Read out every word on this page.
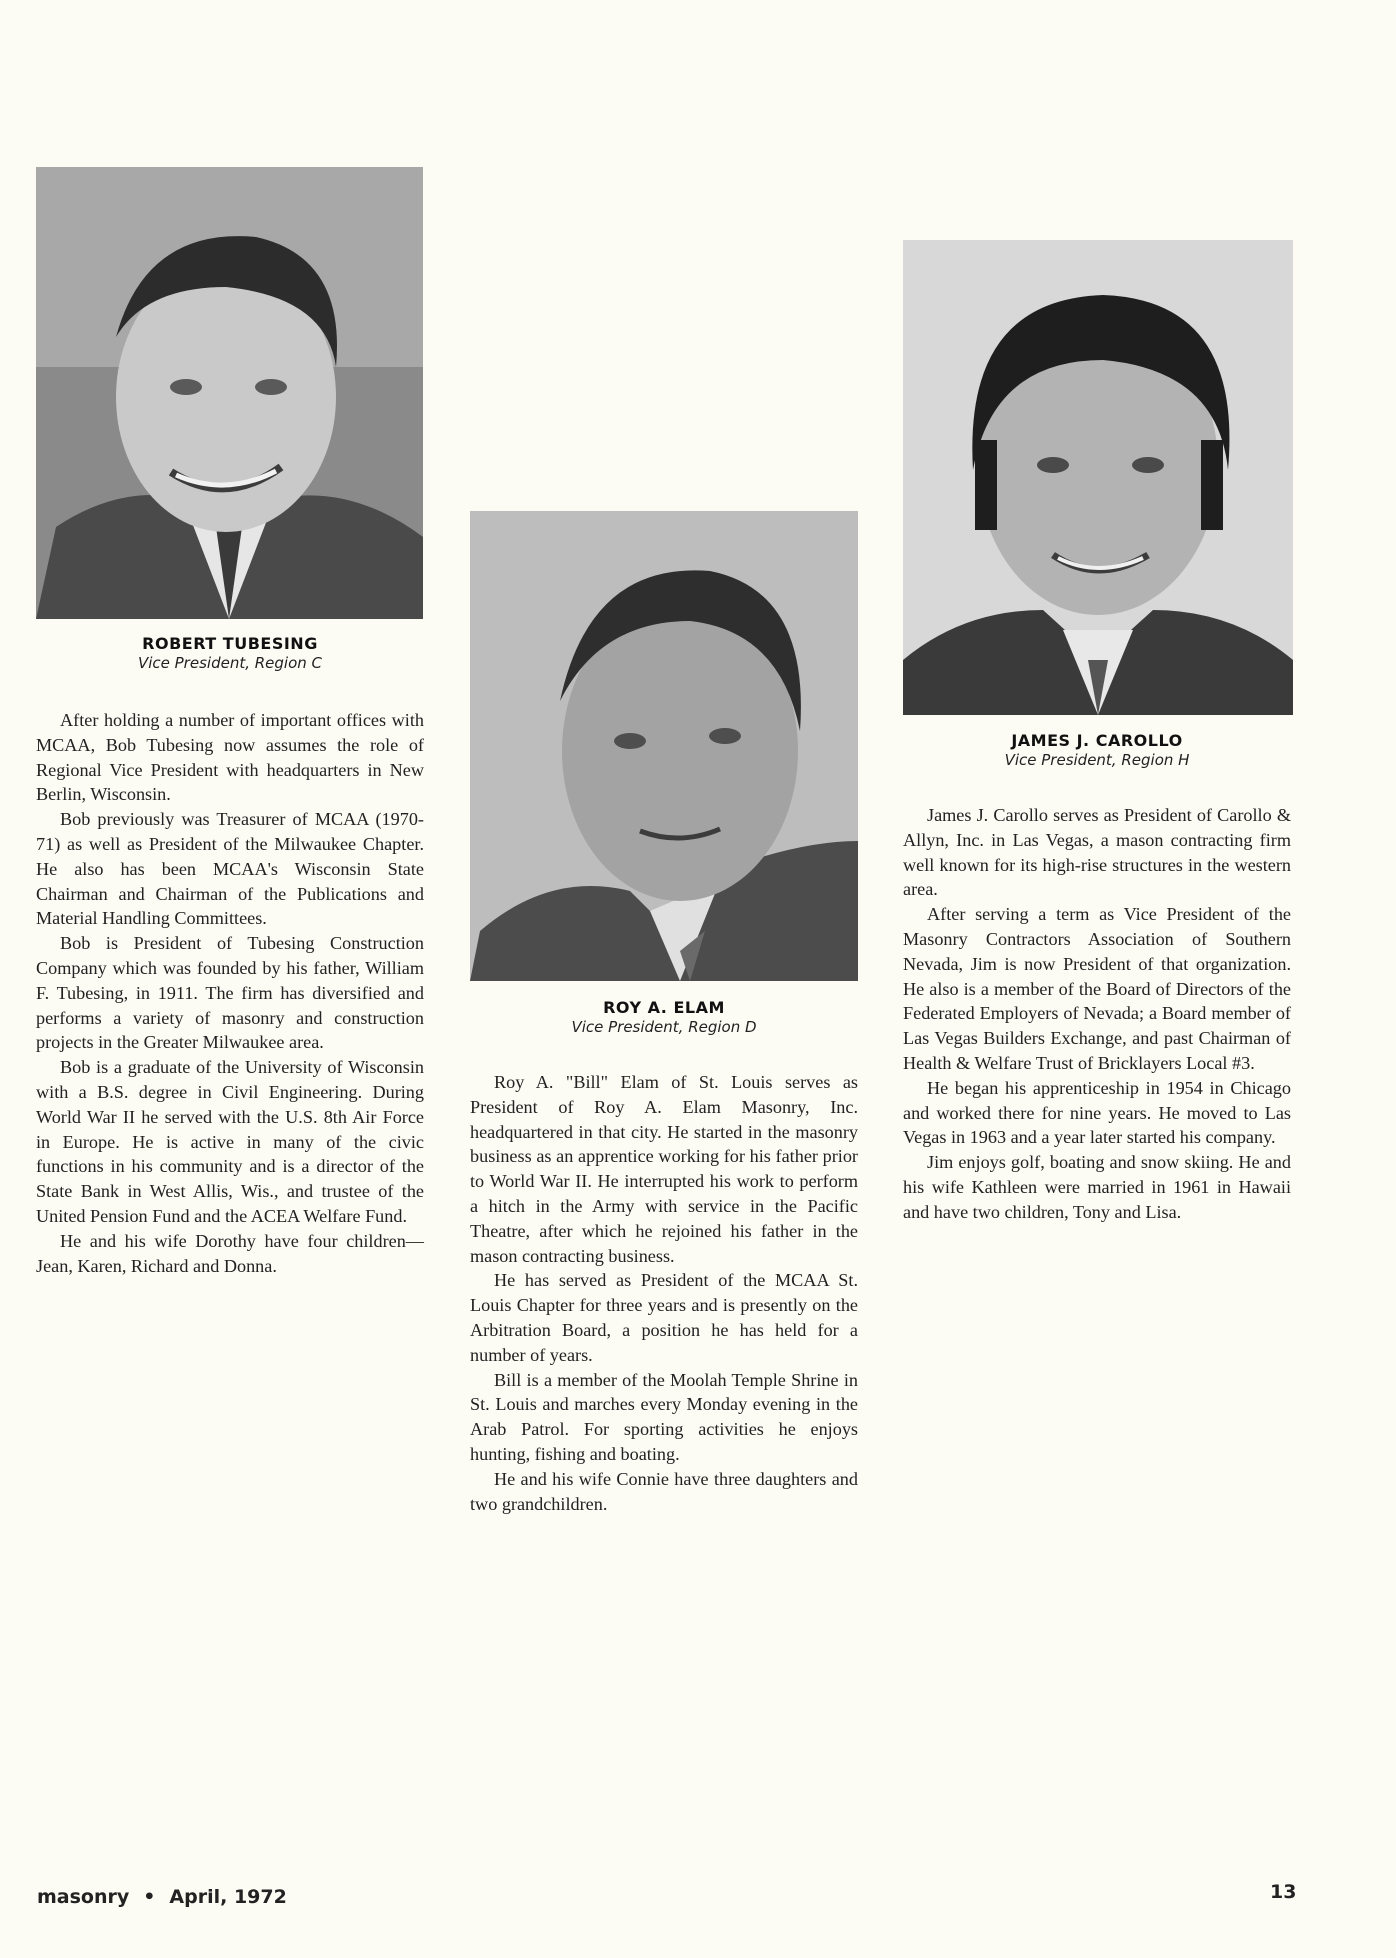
ROBERT TUBESING
Vice President, Region C

After holding a number of important offices with MCAA, Bob Tubesing now assumes the role of Regional Vice President with headquarters in New Berlin, Wisconsin.

Bob previously was Treasurer of MCAA (1970-71) as well as President of the Milwaukee Chapter. He also has been MCAA's Wisconsin State Chairman and Chairman of the Publications and Material Handling Committees.

Bob is President of Tubesing Construction Company which was founded by his father, William F. Tubesing, in 1911. The firm has diversified and performs a variety of masonry and construction projects in the Greater Milwaukee area.

Bob is a graduate of the University of Wisconsin with a B.S. degree in Civil Engineering. During World War II he served with the U.S. 8th Air Force in Europe. He is active in many of the civic functions in his community and is a director of the State Bank in West Allis, Wis., and trustee of the United Pension Fund and the ACEA Welfare Fund.

He and his wife Dorothy have four children—Jean, Karen, Richard and Donna.

ROY A. ELAM
Vice President, Region D

Roy A. "Bill" Elam of St. Louis serves as President of Roy A. Elam Masonry, Inc. headquartered in that city. He started in the masonry business as an apprentice working for his father prior to World War II. He interrupted his work to perform a hitch in the Army with service in the Pacific Theatre, after which he rejoined his father in the mason contracting business.

He has served as President of the MCAA St. Louis Chapter for three years and is presently on the Arbitration Board, a position he has held for a number of years.

Bill is a member of the Moolah Temple Shrine in St. Louis and marches every Monday evening in the Arab Patrol. For sporting activities he enjoys hunting, fishing and boating.

He and his wife Connie have three daughters and two grandchildren.

JAMES J. CAROLLO
Vice President, Region H

James J. Carollo serves as President of Carollo & Allyn, Inc. in Las Vegas, a mason contracting firm well known for its high-rise structures in the western area.

After serving a term as Vice President of the Masonry Contractors Association of Southern Nevada, Jim is now President of that organization. He also is a member of the Board of Directors of the Federated Employers of Nevada; a Board member of Las Vegas Builders Exchange, and past Chairman of Health & Welfare Trust of Bricklayers Local #3.

He began his apprenticeship in 1954 in Chicago and worked there for nine years. He moved to Las Vegas in 1963 and a year later started his company.

Jim enjoys golf, boating and snow skiing. He and his wife Kathleen were married in 1961 in Hawaii and have two children, Tony and Lisa.

masonry • April, 1972	13
